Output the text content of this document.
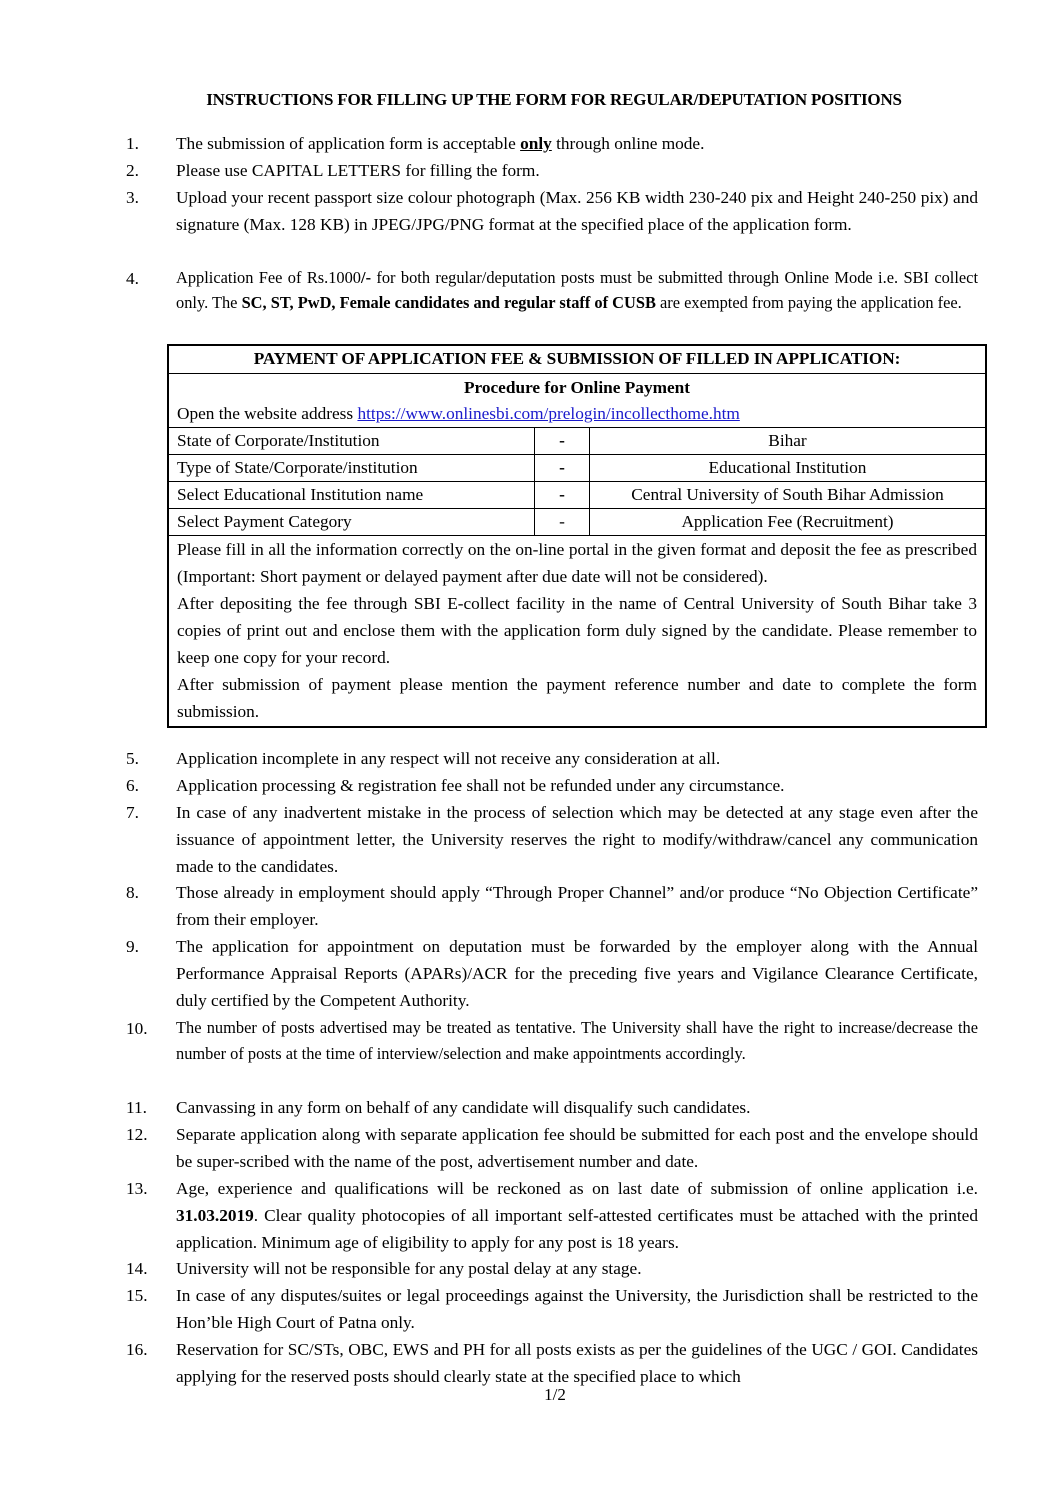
INSTRUCTIONS FOR FILLING UP THE FORM FOR REGULAR/DEPUTATION POSITIONS
1. The submission of application form is acceptable only through online mode.
2. Please use CAPITAL LETTERS for filling the form.
3. Upload your recent passport size colour photograph (Max. 256 KB width 230-240 pix and Height 240-250 pix) and signature (Max. 128 KB) in JPEG/JPG/PNG format at the specified place of the application form.
4. Application Fee of Rs.1000/- for both regular/deputation posts must be submitted through Online Mode i.e. SBI collect only. The SC, ST, PwD, Female candidates and regular staff of CUSB are exempted from paying the application fee.
PAYMENT OF APPLICATION FEE & SUBMISSION OF FILLED IN APPLICATION:
Procedure for Online Payment
Open the website address https://www.onlinesbi.com/prelogin/incollecthome.htm
State of Corporate/Institution	-	Bihar
Type of State/Corporate/institution	-	Educational Institution
Select Educational Institution name	-	Central University of South Bihar Admission
Select Payment Category	-	Application Fee (Recruitment)
Please fill in all the information correctly on the on-line portal in the given format and deposit the fee as prescribed (Important: Short payment or delayed payment after due date will not be considered).
After depositing the fee through SBI E-collect facility in the name of Central University of South Bihar take 3 copies of print out and enclose them with the application form duly signed by the candidate. Please remember to keep one copy for your record.
After submission of payment please mention the payment reference number and date to complete the form submission.
5. Application incomplete in any respect will not receive any consideration at all.
6. Application processing & registration fee shall not be refunded under any circumstance.
7. In case of any inadvertent mistake in the process of selection which may be detected at any stage even after the issuance of appointment letter, the University reserves the right to modify/withdraw/cancel any communication made to the candidates.
8. Those already in employment should apply “Through Proper Channel” and/or produce “No Objection Certificate” from their employer.
9. The application for appointment on deputation must be forwarded by the employer along with the Annual Performance Appraisal Reports (APARs)/ACR for the preceding five years and Vigilance Clearance Certificate, duly certified by the Competent Authority.
10. The number of posts advertised may be treated as tentative. The University shall have the right to increase/decrease the number of posts at the time of interview/selection and make appointments accordingly.
11. Canvassing in any form on behalf of any candidate will disqualify such candidates.
12. Separate application along with separate application fee should be submitted for each post and the envelope should be super-scribed with the name of the post, advertisement number and date.
13. Age, experience and qualifications will be reckoned as on last date of submission of online application i.e. 31.03.2019. Clear quality photocopies of all important self-attested certificates must be attached with the printed application. Minimum age of eligibility to apply for any post is 18 years.
14. University will not be responsible for any postal delay at any stage.
15. In case of any disputes/suites or legal proceedings against the University, the Jurisdiction shall be restricted to the Hon’ble High Court of Patna only.
16. Reservation for SC/STs, OBC, EWS and PH for all posts exists as per the guidelines of the UGC / GOI. Candidates applying for the reserved posts should clearly state at the specified place to which
1/2
